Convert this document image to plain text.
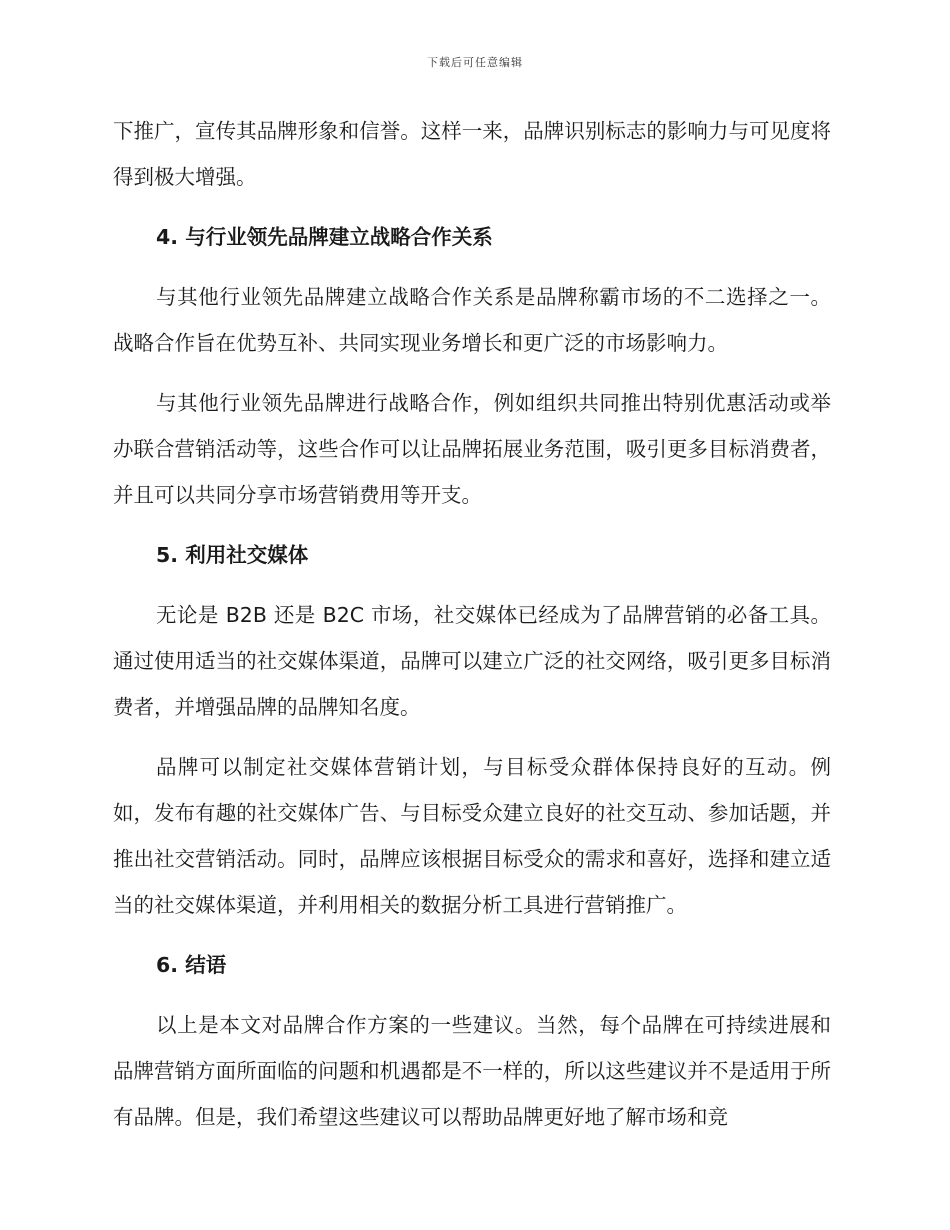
下载后可任意编辑

下推广，宣传其品牌形象和信誉。这样一来，品牌识别标志的影响力与可见度将得到极大增强。

4. 与行业领先品牌建立战略合作关系

与其他行业领先品牌建立战略合作关系是品牌称霸市场的不二选择之一。战略合作旨在优势互补、共同实现业务增长和更广泛的市场影响力。

与其他行业领先品牌进行战略合作，例如组织共同推出特别优惠活动或举办联合营销活动等，这些合作可以让品牌拓展业务范围，吸引更多目标消费者，并且可以共同分享市场营销费用等开支。

5. 利用社交媒体

无论是 B2B 还是 B2C 市场，社交媒体已经成为了品牌营销的必备工具。通过使用适当的社交媒体渠道，品牌可以建立广泛的社交网络，吸引更多目标消费者，并增强品牌的品牌知名度。

品牌可以制定社交媒体营销计划，与目标受众群体保持良好的互动。例如，发布有趣的社交媒体广告、与目标受众建立良好的社交互动、参加话题，并推出社交营销活动。同时，品牌应该根据目标受众的需求和喜好，选择和建立适当的社交媒体渠道，并利用相关的数据分析工具进行营销推广。

6. 结语

以上是本文对品牌合作方案的一些建议。当然，每个品牌在可持续进展和品牌营销方面所面临的问题和机遇都是不一样的，所以这些建议并不是适用于所有品牌。但是，我们希望这些建议可以帮助品牌更好地了解市场和竞
